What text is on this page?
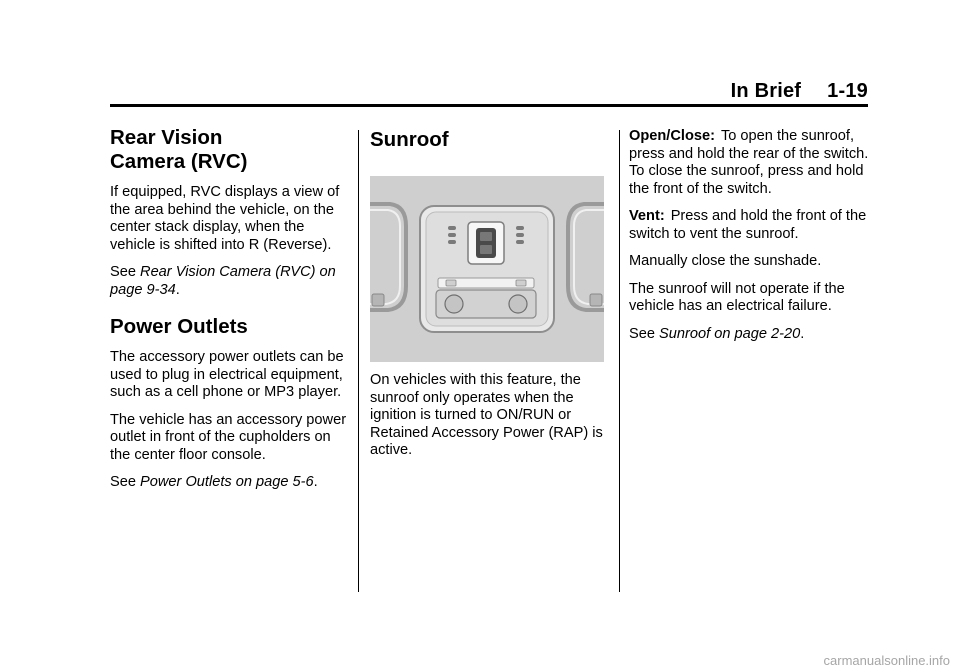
In Brief 1-19
Rear Vision
Camera (RVC)

If equipped, RVC displays a view of the area behind the vehicle, on the center stack display, when the vehicle is shifted into R (Reverse).

See Rear Vision Camera (RVC) on page 9-34.

Power Outlets

The accessory power outlets can be used to plug in electrical equipment, such as a cell phone or MP3 player.

The vehicle has an accessory power outlet in front of the cupholders on the center floor console.

See Power Outlets on page 5-6.

Sunroof

On vehicles with this feature, the sunroof only operates when the ignition is turned to ON/RUN or Retained Accessory Power (RAP) is active.

Open/Close: To open the sunroof, press and hold the rear of the switch. To close the sunroof, press and hold the front of the switch.

Vent: Press and hold the front of the switch to vent the sunroof.

Manually close the sunshade.

The sunroof will not operate if the vehicle has an electrical failure.

See Sunroof on page 2-20.

carmanualsonline.info
